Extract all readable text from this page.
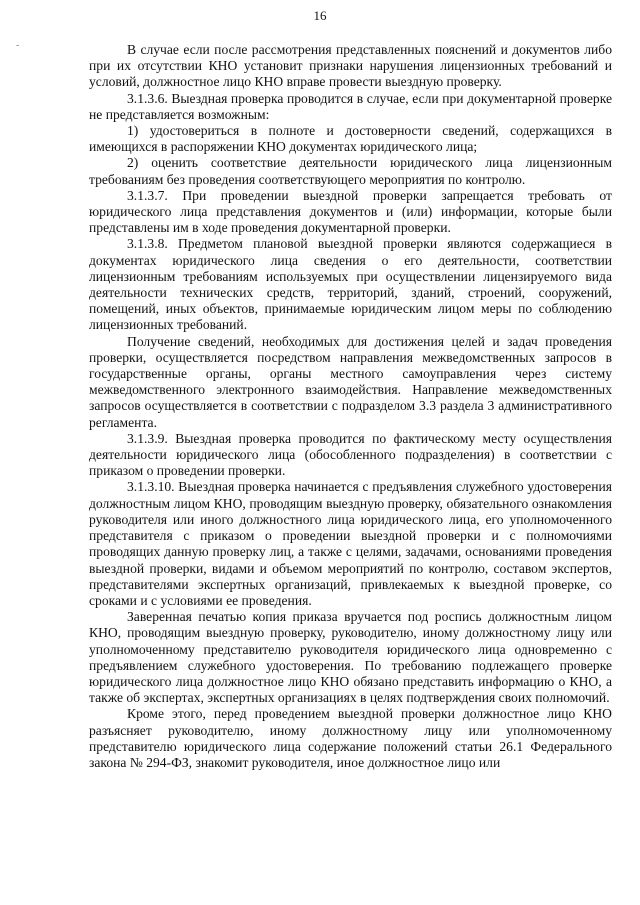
16
-	В случае если после рассмотрения представленных пояснений и документов либо при их отсутствии КНО установит признаки нарушения лицензионных требований и условий, должностное лицо КНО вправе провести выездную проверку.

3.1.3.6. Выездная проверка проводится в случае, если при документарной проверке не представляется возможным:

1) удостовериться в полноте и достоверности сведений, содержащихся в имеющихся в распоряжении КНО документах юридического лица;

2) оценить соответствие деятельности юридического лица лицензионным требованиям без проведения соответствующего мероприятия по контролю.

3.1.3.7. При проведении выездной проверки запрещается требовать от юридического лица представления документов и (или) информации, которые были представлены им в ходе проведения документарной проверки.

3.1.3.8. Предметом плановой выездной проверки являются содержащиеся в документах юридического лица сведения о его деятельности, соответствии лицензионным требованиям используемых при осуществлении лицензируемого вида деятельности технических средств, территорий, зданий, строений, сооружений, помещений, иных объектов, принимаемые юридическим лицом меры по соблюдению лицензионных требований.

Получение сведений, необходимых для достижения целей и задач проведения проверки, осуществляется посредством направления межведомственных запросов в государственные органы, органы местного самоуправления через систему межведомственного электронного взаимодействия. Направление межведомственных запросов осуществляется в соответствии с подразделом 3.3 раздела 3 административного регламента.

3.1.3.9. Выездная проверка проводится по фактическому месту осуществления деятельности юридического лица (обособленного подразделения) в соответствии с приказом о проведении проверки.

3.1.3.10. Выездная проверка начинается с предъявления служебного удостоверения должностным лицом КНО, проводящим выездную проверку, обязательного ознакомления руководителя или иного должностного лица юридического лица, его уполномоченного представителя с приказом о проведении выездной проверки и с полномочиями проводящих данную проверку лиц, а также с целями, задачами, основаниями проведения выездной проверки, видами и объемом мероприятий по контролю, составом экспертов, представителями экспертных организаций, привлекаемых к выездной проверке, со сроками и с условиями ее проведения.

Заверенная печатью копия приказа вручается под роспись должностным лицом КНО, проводящим выездную проверку, руководителю, иному должностному лицу или уполномоченному представителю руководителя юридического лица одновременно с предъявлением служебного удостоверения. По требованию подлежащего проверке юридического лица должностное лицо КНО обязано представить информацию о КНО, а также об экспертах, экспертных организациях в целях подтверждения своих полномочий.

Кроме этого, перед проведением выездной проверки должностное лицо КНО разъясняет руководителю, иному должностному лицу или уполномоченному представителю юридического лица содержание положений статьи 26.1 Федерального закона № 294-ФЗ, знакомит руководителя, иное должностное лицо или
